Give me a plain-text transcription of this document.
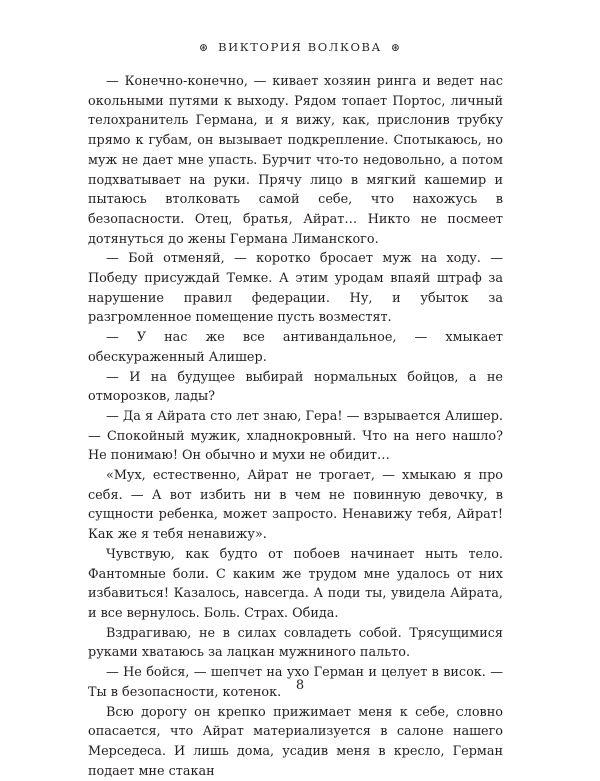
⊛ ВИКТОРИЯ ВОЛКОВА ⊛

— Конечно-конечно, — кивает хозяин ринга и ведет нас окольными путями к выходу. Рядом топает Портос, личный телохранитель Германа, и я вижу, как, прислонив трубку прямо к губам, он вызывает подкрепление. Спотыкаюсь, но муж не дает мне упасть. Бурчит что-то недовольно, а потом подхватывает на руки. Прячу лицо в мягкий кашемир и пытаюсь втолковать самой себе, что нахожусь в безопасности. Отец, братья, Айрат… Никто не посмеет дотянуться до жены Германа Лиманского.

— Бой отменяй, — коротко бросает муж на ходу. — Победу присуждай Темке. А этим уродам впаяй штраф за нарушение правил федерации. Ну, и убыток за разгромленное помещение пусть возместят.

— У нас же все антивандальное, — хмыкает обескураженный Алишер.

— И на будущее выбирай нормальных бойцов, а не отморозков, лады?

— Да я Айрата сто лет знаю, Гера! — взрывается Алишер. — Спокойный мужик, хладнокровный. Что на него нашло? Не понимаю! Он обычно и мухи не обидит…

«Мух, естественно, Айрат не трогает, — хмыкаю я про себя. — А вот избить ни в чем не повинную девочку, в сущности ребенка, может запросто. Ненавижу тебя, Айрат! Как же я тебя ненавижу».

Чувствую, как будто от побоев начинает ныть тело. Фантомные боли. С каким же трудом мне удалось от них избавиться! Казалось, навсегда. А поди ты, увидела Айрата, и все вернулось. Боль. Страх. Обида.

Вздрагиваю, не в силах совладеть собой. Трясущимися руками хватаюсь за лацкан мужниного пальто.

— Не бойся, — шепчет на ухо Герман и целует в висок. — Ты в безопасности, котенок.

Всю дорогу он крепко прижимает меня к себе, словно опасается, что Айрат материализуется в салоне нашего Мерседеса. И лишь дома, усадив меня в кресло, Герман подает мне стакан

8
